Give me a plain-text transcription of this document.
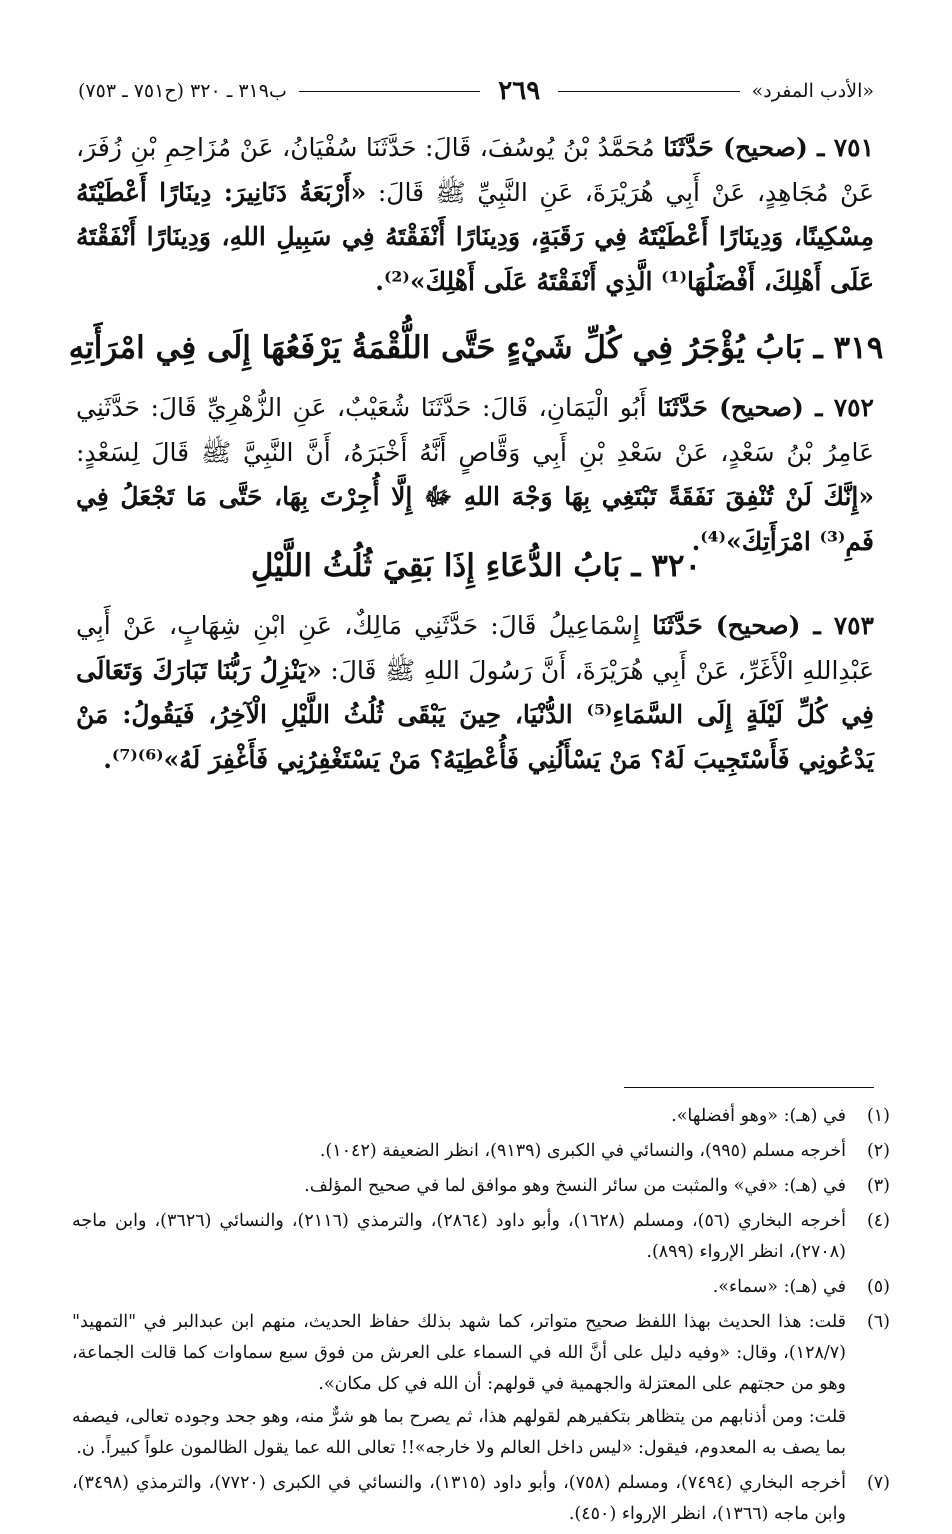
«الأدب المفرد»
٢٦٩
ب٣١٩ ـ ٣٢٠ (ح٧٥١ ـ ٧٥٣)
٧٥١ ـ (صحيح) حَدَّثَنَا مُحَمَّدُ بْنُ يُوسُفَ، قَالَ: حَدَّثَنَا سُفْيَانُ، عَنْ مُزَاحِمِ بْنِ زُفَرَ، عَنْ مُجَاهِدٍ، عَنْ أَبِي هُرَيْرَةَ، عَنِ النَّبِيِّ ﷺ قَالَ: «أَرْبَعَةُ دَنَانِيرَ: دِينَارًا أَعْطَيْتَهُ مِسْكِينًا، وَدِينَارًا أَعْطَيْتَهُ فِي رَقَبَةٍ، وَدِينَارًا أَنْفَقْتَهُ فِي سَبِيلِ اللهِ، وَدِينَارًا أَنْفَقْتَهُ عَلَى أَهْلِكَ، أَفْضَلُهَا⁽¹⁾ الَّذِي أَنْفَقْتَهُ عَلَى أَهْلِكَ»⁽²⁾.
٣١٩ ـ بَابُ يُؤْجَرُ فِي كُلِّ شَيْءٍ حَتَّى اللُّقْمَةُ يَرْفَعُهَا إِلَى فِي امْرَأَتِهِ
٧٥٢ ـ (صحيح) حَدَّثَنَا أَبُو الْيَمَانِ، قَالَ: حَدَّثَنَا شُعَيْبٌ، عَنِ الزُّهْرِيِّ قَالَ: حَدَّثَنِي عَامِرُ بْنُ سَعْدٍ، عَنْ سَعْدِ بْنِ أَبِي وَقَّاصٍ أَنَّهُ أَخْبَرَهُ، أَنَّ النَّبِيَّ ﷺ قَالَ لِسَعْدٍ: «إِنَّكَ لَنْ تُنْفِقَ نَفَقَةً تَبْتَغِي بِهَا وَجْهَ اللهِ ﷻ إِلَّا أُجِرْتَ بِهَا، حَتَّى مَا تَجْعَلُ فِي فَمِ⁽³⁾ امْرَأَتِكَ»⁽⁴⁾.
٣٢٠ ـ بَابُ الدُّعَاءِ إِذَا بَقِيَ ثُلُثُ اللَّيْلِ
٧٥٣ ـ (صحيح) حَدَّثَنَا إِسْمَاعِيلُ قَالَ: حَدَّثَنِي مَالِكٌ، عَنِ ابْنِ شِهَابٍ، عَنْ أَبِي عَبْدِاللهِ الْأَغَرِّ، عَنْ أَبِي هُرَيْرَةَ، أَنَّ رَسُولَ اللهِ ﷺ قَالَ: «يَنْزِلُ رَبُّنَا تَبَارَكَ وَتَعَالَى فِي كُلِّ لَيْلَةٍ إِلَى السَّمَاءِ⁽⁵⁾ الدُّنْيَا، حِينَ يَبْقَى ثُلُثُ اللَّيْلِ الْآخِرُ، فَيَقُولُ: مَنْ يَدْعُونِي فَأَسْتَجِيبَ لَهُ؟ مَنْ يَسْأَلُنِي فَأُعْطِيَهُ؟ مَنْ يَسْتَغْفِرُنِي فَأَغْفِرَ لَهُ»⁽⁶⁾⁽⁷⁾.
(١)
في (هـ): «وهو أفضلها».
(٢)
أخرجه مسلم (٩٩٥)، والنسائي في الكبرى (٩١٣٩)، انظر الضعيفة (١٠٤٢).
(٣)
في (هـ): «في» والمثبت من سائر النسخ وهو موافق لما في صحيح المؤلف.
(٤)
أخرجه البخاري (٥٦)، ومسلم (١٦٢٨)، وأبو داود (٢٨٦٤)، والترمذي (٢١١٦)، والنسائي (٣٦٢٦)، وابن ماجه (٢٧٠٨)، انظر الإرواء (٨٩٩).
(٥)
في (هـ): «سماء».
(٦)
قلت: هذا الحديث بهذا اللفظ صحيح متواتر، كما شهد بذلك حفاظ الحديث، منهم ابن عبدالبر في "التمهيد" (١٢٨/٧)، وقال: «وفيه دليل على أنَّ الله في السماء على العرش من فوق سبع سماوات كما قالت الجماعة، وهو من حجتهم على المعتزلة والجهمية في قولهم: أن الله في كل مكان».
قلت: ومن أذنابهم من يتظاهر بتكفيرهم لقولهم هذا، ثم يصرح بما هو شرٌّ منه، وهو جحد وجوده تعالى، فيصفه بما يصف به المعدوم، فيقول: «ليس داخل العالم ولا خارجه»!! تعالى الله عما يقول الظالمون علواً كبيراً. ن.
(٧)
أخرجه البخاري (٧٤٩٤)، ومسلم (٧٥٨)، وأبو داود (١٣١٥)، والنسائي في الكبرى (٧٧٢٠)، والترمذي (٣٤٩٨)، وابن ماجه (١٣٦٦)، انظر الإرواء (٤٥٠).
